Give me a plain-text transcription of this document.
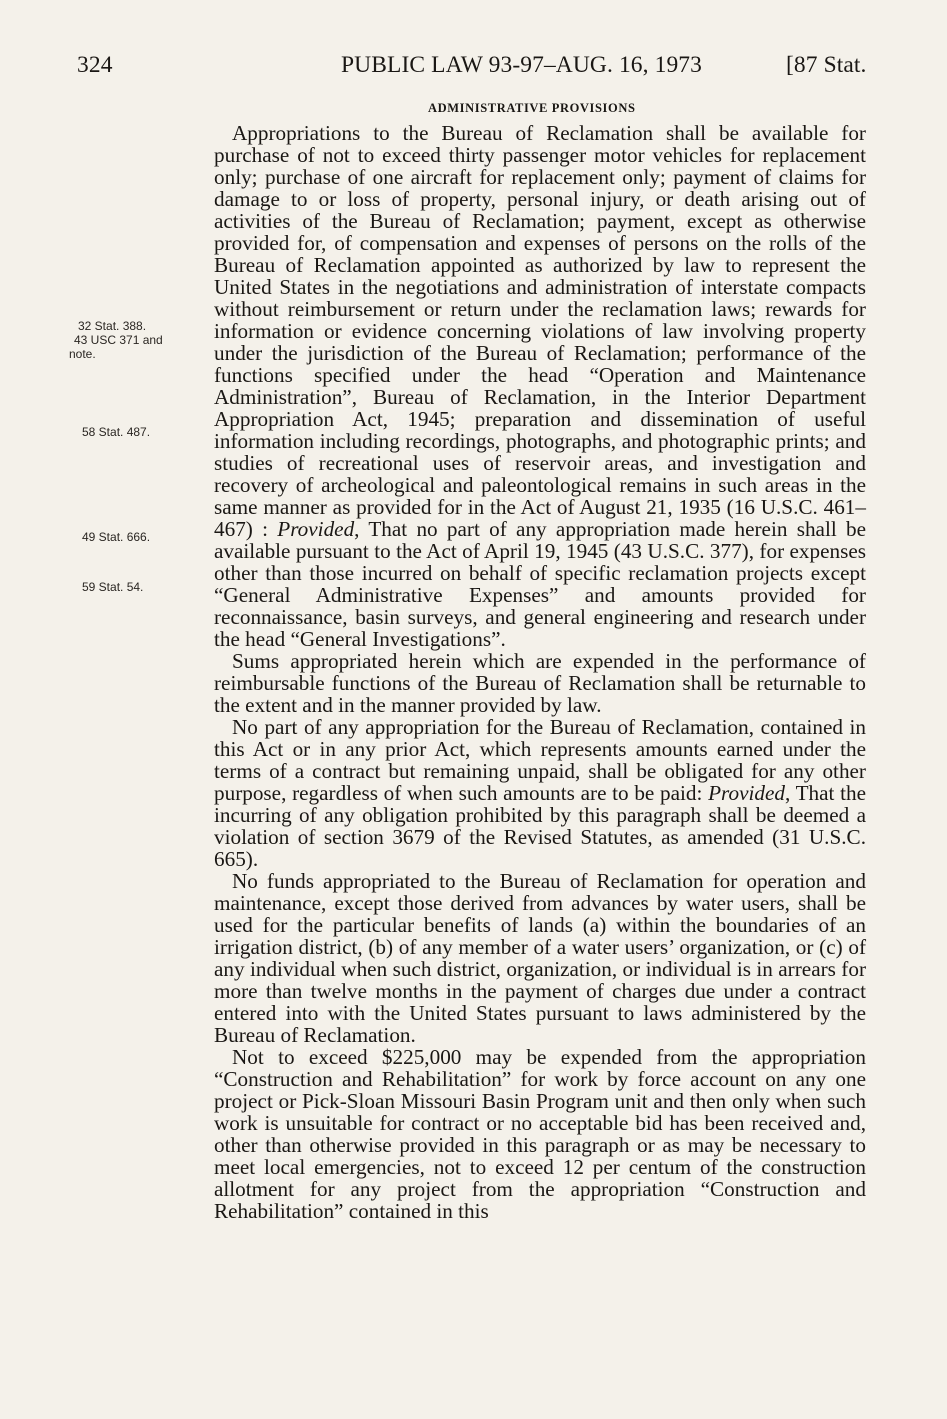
324	PUBLIC LAW 93-97–AUG. 16, 1973	[87 Stat.
ADMINISTRATIVE PROVISIONS

Appropriations to the Bureau of Reclamation shall be available for purchase of not to exceed thirty passenger motor vehicles for replacement only; purchase of one aircraft for replacement only; payment of claims for damage to or loss of property, personal injury, or death arising out of activities of the Bureau of Reclamation; payment, except as otherwise provided for, of compensation and expenses of persons on the rolls of the Bureau of Reclamation appointed as authorized by law to represent the United States in the negotiations and administration of interstate compacts without reimbursement or return under the reclamation laws; rewards for information or evidence concerning violations of law involving property under the jurisdiction of the Bureau of Reclamation; performance of the functions specified under the head “Operation and Maintenance Administration”, Bureau of Reclamation, in the Interior Department Appropriation Act, 1945; preparation and dissemination of useful information including recordings, photographs, and photographic prints; and studies of recreational uses of reservoir areas, and investigation and recovery of archeological and paleontological remains in such areas in the same manner as provided for in the Act of August 21, 1935 (16 U.S.C. 461–467) : Provided, That no part of any appropriation made herein shall be available pursuant to the Act of April 19, 1945 (43 U.S.C. 377), for expenses other than those incurred on behalf of specific reclamation projects except “General Administrative Expenses” and amounts provided for reconnaissance, basin surveys, and general engineering and research under the head “General Investigations”.

Sums appropriated herein which are expended in the performance of reimbursable functions of the Bureau of Reclamation shall be returnable to the extent and in the manner provided by law.

No part of any appropriation for the Bureau of Reclamation, contained in this Act or in any prior Act, which represents amounts earned under the terms of a contract but remaining unpaid, shall be obligated for any other purpose, regardless of when such amounts are to be paid: Provided, That the incurring of any obligation prohibited by this paragraph shall be deemed a violation of section 3679 of the Revised Statutes, as amended (31 U.S.C. 665).

No funds appropriated to the Bureau of Reclamation for operation and maintenance, except those derived from advances by water users, shall be used for the particular benefits of lands (a) within the boundaries of an irrigation district, (b) of any member of a water users’ organization, or (c) of any individual when such district, organization, or individual is in arrears for more than twelve months in the payment of charges due under a contract entered into with the United States pursuant to laws administered by the Bureau of Reclamation.

Not to exceed $225,000 may be expended from the appropriation “Construction and Rehabilitation” for work by force account on any one project or Pick-Sloan Missouri Basin Program unit and then only when such work is unsuitable for contract or no acceptable bid has been received and, other than otherwise provided in this paragraph or as may be necessary to meet local emergencies, not to exceed 12 per centum of the construction allotment for any project from the appropriation “Construction and Rehabilitation” contained in this

32 Stat. 388.
43 USC 371 and
note.
58 Stat. 487.
49 Stat. 666.
59 Stat. 54.
